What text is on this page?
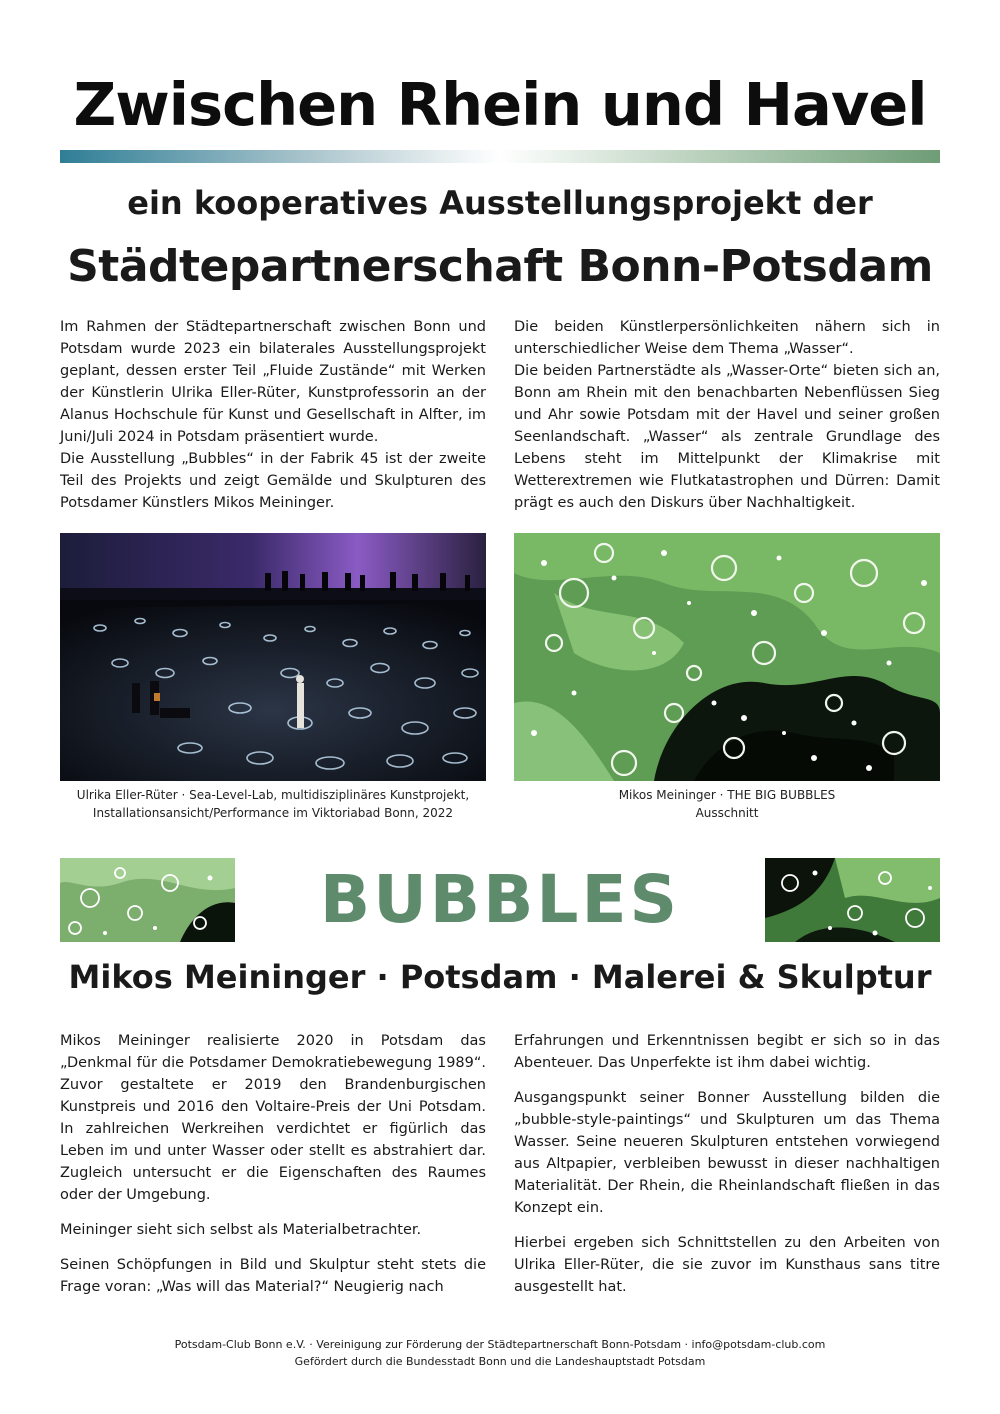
Zwischen Rhein und Havel
ein kooperatives Ausstellungsprojekt der
Städtepartnerschaft Bonn-Potsdam

Im Rahmen der Städtepartnerschaft zwischen Bonn und Potsdam wurde 2023 ein bilaterales Ausstellungsprojekt geplant, dessen erster Teil „Fluide Zustände“ mit Werken der Künstlerin Ulrika Eller-Rüter, Kunstprofessorin an der Alanus Hochschule für Kunst und Gesellschaft in Alfter, im Juni/Juli 2024 in Potsdam präsentiert wurde.

Die Ausstellung „Bubbles“ in der Fabrik 45 ist der zweite Teil des Projekts und zeigt Gemälde und Skulpturen des Potsdamer Künstlers Mikos Meininger.

Die beiden Künstlerpersönlichkeiten nähern sich in unterschiedlicher Weise dem Thema „Wasser“.

Die beiden Partnerstädte als „Wasser-Orte“ bieten sich an, Bonn am Rhein mit den benachbarten Nebenflüssen Sieg und Ahr sowie Potsdam mit der Havel und seiner großen Seenlandschaft. „Wasser“ als zentrale Grundlage des Lebens steht im Mittelpunkt der Klimakrise mit Wetterextremen wie Flutkatastrophen und Dürren: Damit prägt es auch den Diskurs über Nachhaltigkeit.

Ulrika Eller-Rüter · Sea-Level-Lab, multidisziplinäres Kunstprojekt,
Installationsansicht/Performance im Viktoriabad Bonn, 2022
Mikos Meininger · THE BIG BUBBLES
Ausschnitt
BUBBLES
Mikos Meininger · Potsdam · Malerei & Skulptur

Mikos Meininger realisierte 2020 in Potsdam das „Denkmal für die Potsdamer Demokratiebewegung 1989“. Zuvor gestaltete er 2019 den Brandenburgischen Kunstpreis und 2016 den Voltaire-Preis der Uni Potsdam. In zahlreichen Werkreihen verdichtet er figürlich das Leben im und unter Wasser oder stellt es abstrahiert dar. Zugleich untersucht er die Eigenschaften des Raumes oder der Umgebung.

Meininger sieht sich selbst als Materialbetrachter.

Seinen Schöpfungen in Bild und Skulptur steht stets die Frage voran: „Was will das Material?“ Neugierig nach

Erfahrungen und Erkenntnissen begibt er sich so in das Abenteuer. Das Unperfekte ist ihm dabei wichtig.

Ausgangspunkt seiner Bonner Ausstellung bilden die „bubble-style-paintings“ und Skulpturen um das Thema Wasser. Seine neueren Skulpturen entstehen vorwiegend aus Altpapier, verbleiben bewusst in dieser nachhaltigen Materialität. Der Rhein, die Rheinlandschaft fließen in das Konzept ein.

Hierbei ergeben sich Schnittstellen zu den Arbeiten von Ulrika Eller-Rüter, die sie zuvor im Kunsthaus sans titre ausgestellt hat.

Potsdam-Club Bonn e.V. · Vereinigung zur Förderung der Städtepartnerschaft Bonn-Potsdam · info@potsdam-club.com
Gefördert durch die Bundesstadt Bonn und die Landeshauptstadt Potsdam
